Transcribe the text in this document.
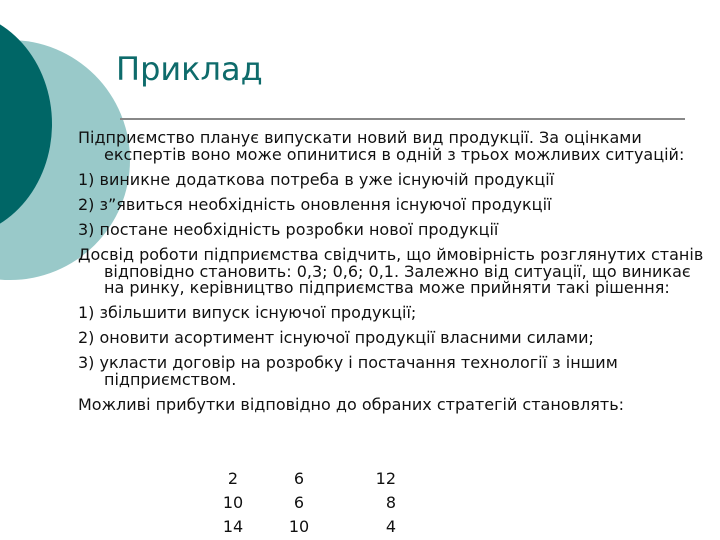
Приклад

Підприємство планує випускати новий вид продукції. За оцінками експертів воно може опинитися в одній з трьох можливих ситуацій:

1) виникне додаткова потреба в уже існуючій продукції

2) з”явиться необхідність оновлення існуючої продукції

3) постане необхідність розробки нової продукції

Досвід роботи підприємства свідчить, що ймовірність розглянутих станів відповідно становить: 0,3; 0,6; 0,1. Залежно від ситуації, що виникає на ринку, керівництво підприємства може прийняти такі рішення:

1) збільшити випуск існуючої продукції;

2) оновити асортимент існуючої продукції власними силами;

3) укласти договір на розробку і постачання технології з іншим підприємством.

Можливі прибутки відповідно до обраних стратегій становлять:

2	6	12
10	6	8
14	10	4
